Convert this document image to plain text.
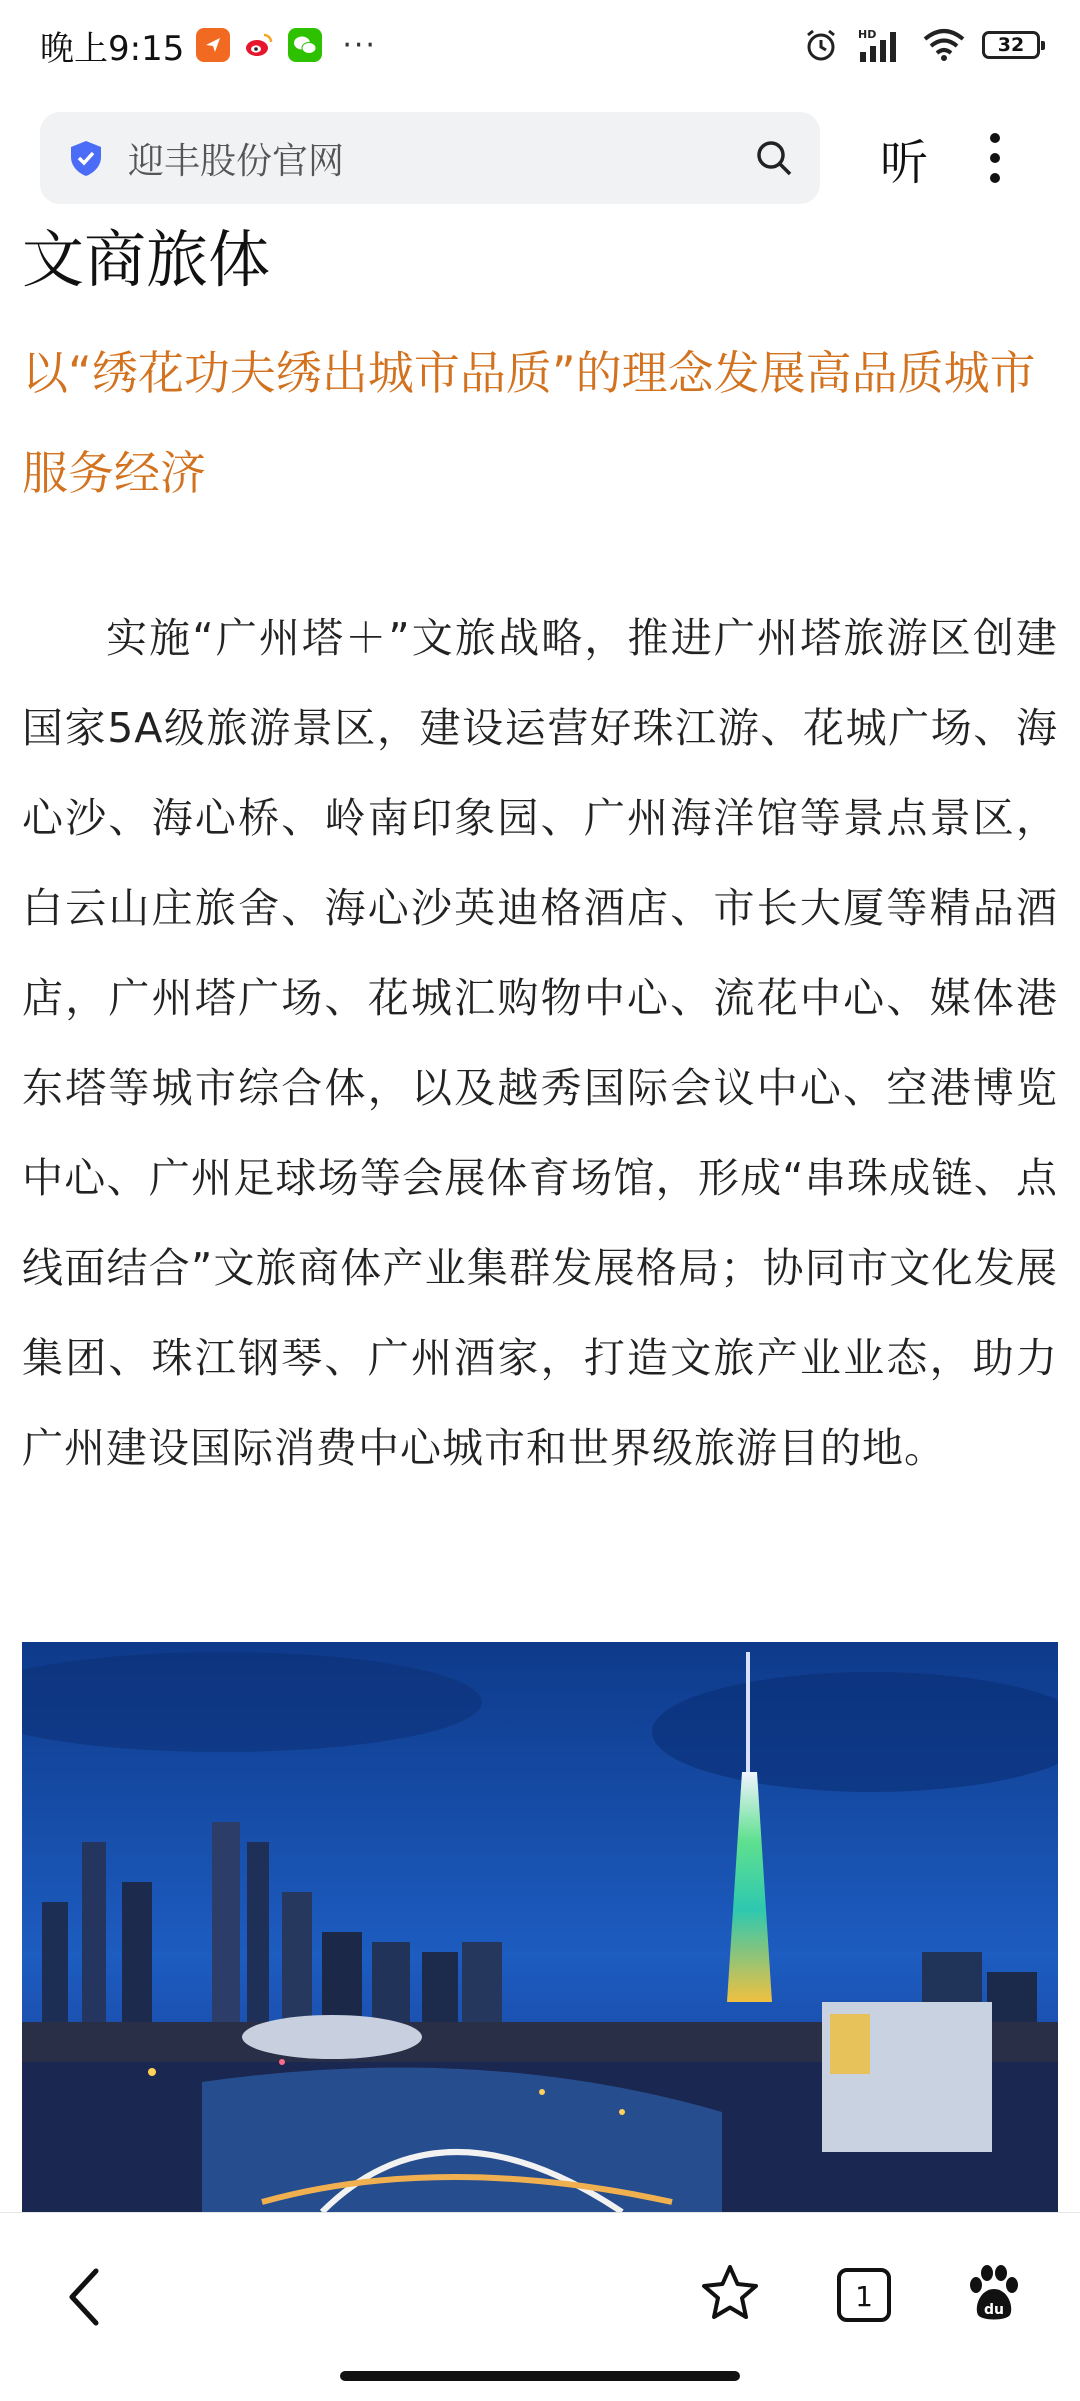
晚上9:15	···	HD	32
迎丰股份官网	听
文商旅体

以“绣花功夫绣出城市品质”的理念发展高品质城市服务经济

实施“广州塔＋”文旅战略，推进广州塔旅游区创建国家5A级旅游景区，建设运营好珠江游、花城广场、海心沙、海心桥、岭南印象园、广州海洋馆等景点景区，白云山庄旅舍、海心沙英迪格酒店、市长大厦等精品酒店，广州塔广场、花城汇购物中心、流花中心、媒体港东塔等城市综合体，以及越秀国际会议中心、空港博览中心、广州足球场等会展体育场馆，形成“串珠成链、点线面结合”文旅商体产业集群发展格局；协同市文化发展集团、珠江钢琴、广州酒家，打造文旅产业业态，助力广州建设国际消费中心城市和世界级旅游目的地。

1	du
